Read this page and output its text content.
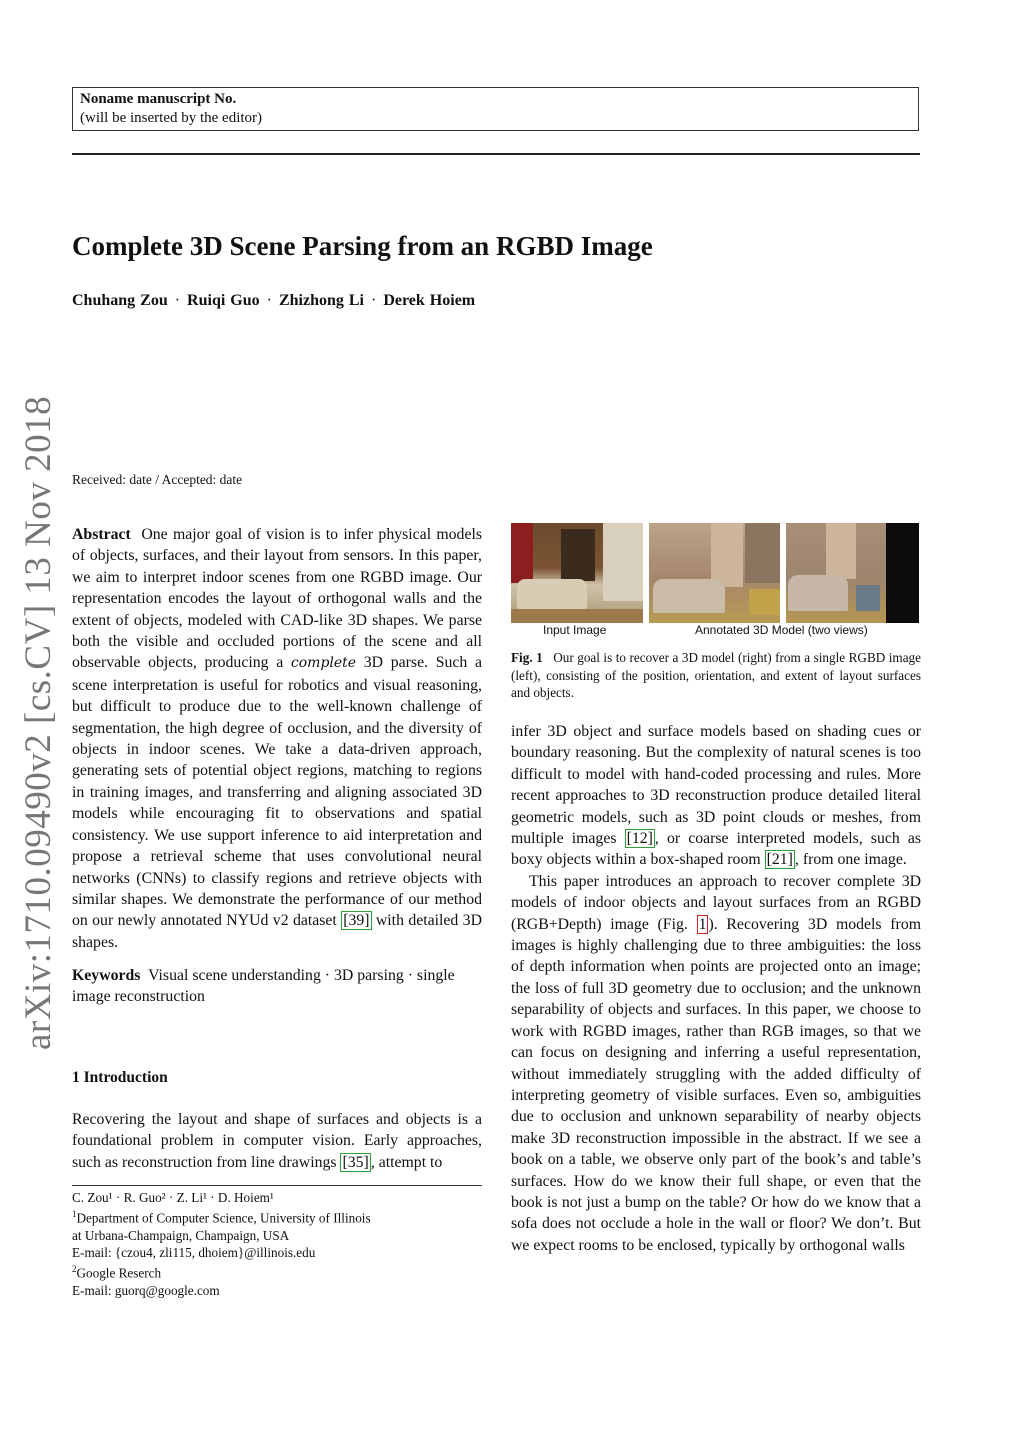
Noname manuscript No.
(will be inserted by the editor)
Complete 3D Scene Parsing from an RGBD Image
Chuhang Zou · Ruiqi Guo · Zhizhong Li · Derek Hoiem
arXiv:1710.09490v2 [cs.CV] 13 Nov 2018 Received: date / Accepted: date

Abstract One major goal of vision is to infer physical models of objects, surfaces, and their layout from sensors. In this paper, we aim to interpret indoor scenes from one RGBD image. Our representation encodes the layout of orthogonal walls and the extent of objects, modeled with CAD-like 3D shapes. We parse both the visible and occluded portions of the scene and all observable objects, producing a complete 3D parse. Such a scene interpretation is useful for robotics and visual reasoning, but difficult to produce due to the well-known challenge of segmentation, the high degree of occlusion, and the diversity of objects in indoor scenes. We take a data-driven approach, generating sets of potential object regions, matching to regions in training images, and transferring and aligning associated 3D models while encouraging fit to observations and spatial consistency. We use support inference to aid interpretation and propose a retrieval scheme that uses convolutional neural networks (CNNs) to classify regions and retrieve objects with similar shapes. We demonstrate the performance of our method on our newly annotated NYUd v2 dataset [39] with detailed 3D shapes.

Keywords Visual scene understanding · 3D parsing · single image reconstruction

1 Introduction

Recovering the layout and shape of surfaces and objects is a foundational problem in computer vision. Early approaches, such as reconstruction from line drawings [35] , attempt to

C. Zou¹ · R. Guo² · Z. Li¹ · D. Hoiem¹
$^1$Department of Computer Science, University of Illinois
at Urbana-Champaign, Champaign, USA
E-mail: {czou4, zli115, dhoiem}@illinois.edu
$^2$Google Reserch
E-mail: guorq@google.com
Input Image	Annotated 3D Model (two views)
Fig. 1 Our goal is to recover a 3D model (right) from a single RGBD image (left), consisting of the position, orientation, and extent of layout surfaces and objects.

infer 3D object and surface models based on shading cues or boundary reasoning. But the complexity of natural scenes is too difficult to model with hand-coded processing and rules. More recent approaches to 3D reconstruction produce detailed literal geometric models, such as 3D point clouds or meshes, from multiple images [12] , or coarse interpreted models, such as boxy objects within a box-shaped room [21] , from one image.

This paper introduces an approach to recover complete 3D models of indoor objects and layout surfaces from an RGBD (RGB+Depth) image (Fig. 1 ). Recovering 3D models from images is highly challenging due to three ambiguities: the loss of depth information when points are projected onto an image; the loss of full 3D geometry due to occlusion; and the unknown separability of objects and surfaces. In this paper, we choose to work with RGBD images, rather than RGB images, so that we can focus on designing and inferring a useful representation, without immediately struggling with the added difficulty of interpreting geometry of visible surfaces. Even so, ambiguities due to occlusion and unknown separability of nearby objects make 3D reconstruction impossible in the abstract. If we see a book on a table, we observe only part of the book’s and table’s surfaces. How do we know their full shape, or even that the book is not just a bump on the table? Or how do we know that a sofa does not occlude a hole in the wall or floor? We don’t. But we expect rooms to be enclosed, typically by orthogonal walls
